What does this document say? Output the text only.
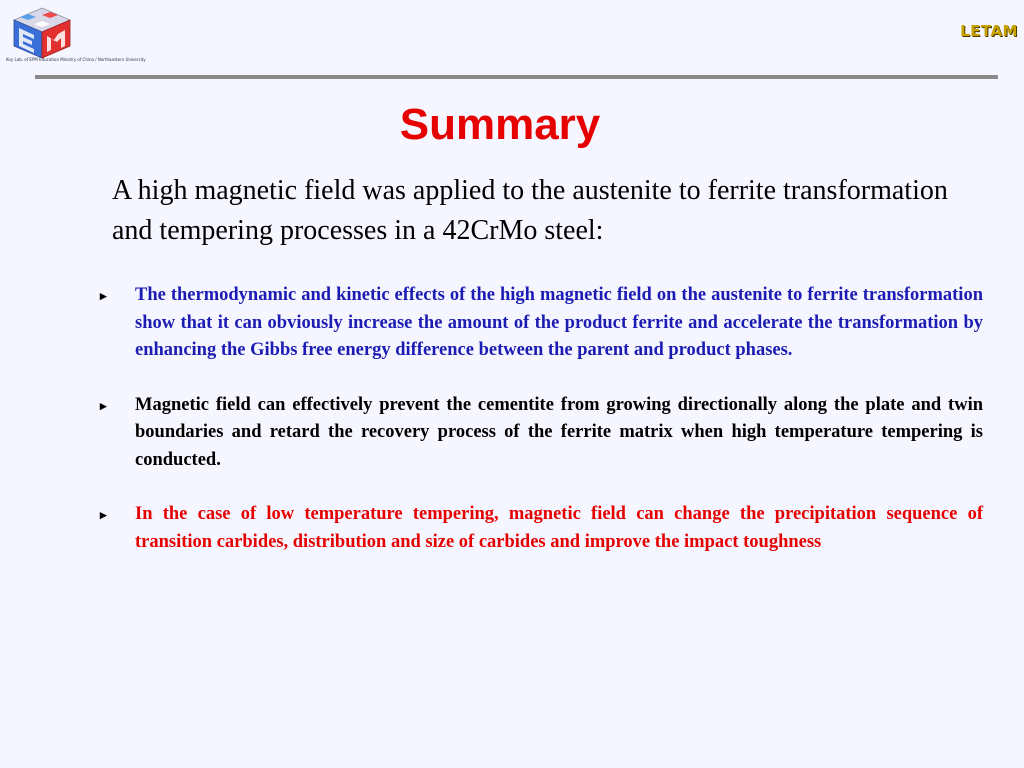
Key Lab. of EPM Education Ministry of China / Northeastern University
LETAM
Summary
A high magnetic field was applied to the austenite to ferrite transformation and tempering processes in a 42CrMo steel:
▸	The thermodynamic and kinetic effects of the high magnetic field on the austenite to ferrite transformation show that it can obviously increase the amount of the product ferrite and accelerate the transformation by enhancing the Gibbs free energy difference between the parent and product phases.
▸	Magnetic field can effectively prevent the cementite from growing directionally along the plate and twin boundaries and retard the recovery process of the ferrite matrix when high temperature tempering is conducted.
▸	In the case of low temperature tempering, magnetic field can change the precipitation sequence of transition carbides, distribution and size of carbides and improve the impact toughness
